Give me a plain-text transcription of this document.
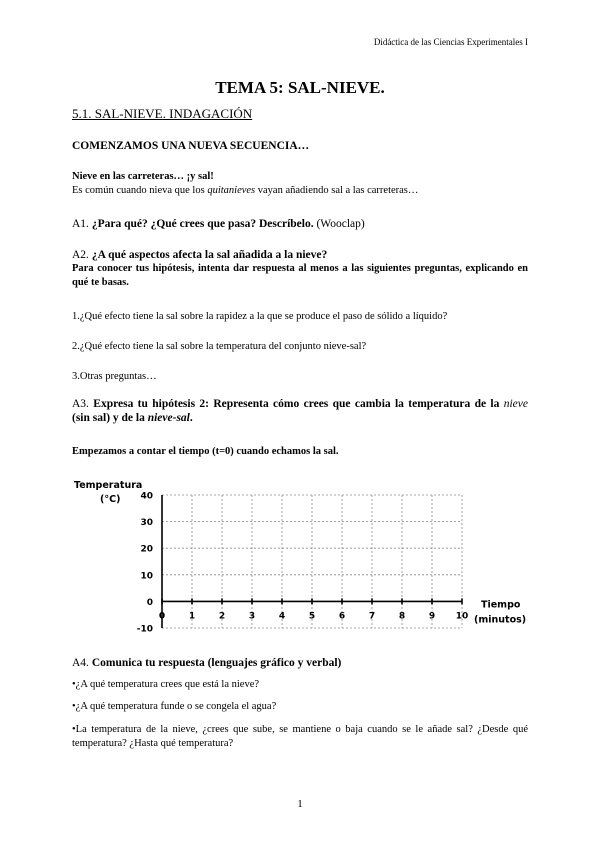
Didáctica de las Ciencias Experimentales I
TEMA 5: SAL-NIEVE.
5.1. SAL-NIEVE. INDAGACIÓN
COMENZAMOS UNA NUEVA SECUENCIA…
Nieve en las carreteras… ¡y sal!
Es común cuando nieva que los quitanieves vayan añadiendo sal a las carreteras…
A1. ¿Para qué? ¿Qué crees que pasa? Descríbelo. (Wooclap)
A2. ¿A qué aspectos afecta la sal añadida a la nieve?
Para conocer tus hipótesis, intenta dar respuesta al menos a las siguientes preguntas, explicando en qué te basas.
1.¿Qué efecto tiene la sal sobre la rapidez a la que se produce el paso de sólido a líquido?
2.¿Qué efecto tiene la sal sobre la temperatura del conjunto nieve-sal?
3.Otras preguntas…
A3. Expresa tu hipótesis 2: Representa cómo crees que cambia la temperatura de la nieve (sin sal) y de la nieve-sal.
Empezamos a contar el tiempo (t=0) cuando echamos la sal.
40
30
20
10
0
-10
0	1	2	3	4	5	6	7	8	9 10
Temperatura (°C)
Tiempo (minutos)
A4. Comunica tu respuesta (lenguajes gráfico y verbal)
•¿A qué temperatura crees que está la nieve?
•¿A qué temperatura funde o se congela el agua?
•La temperatura de la nieve, ¿crees que sube, se mantiene o baja cuando se le añade sal? ¿Desde qué temperatura? ¿Hasta qué temperatura?
1
